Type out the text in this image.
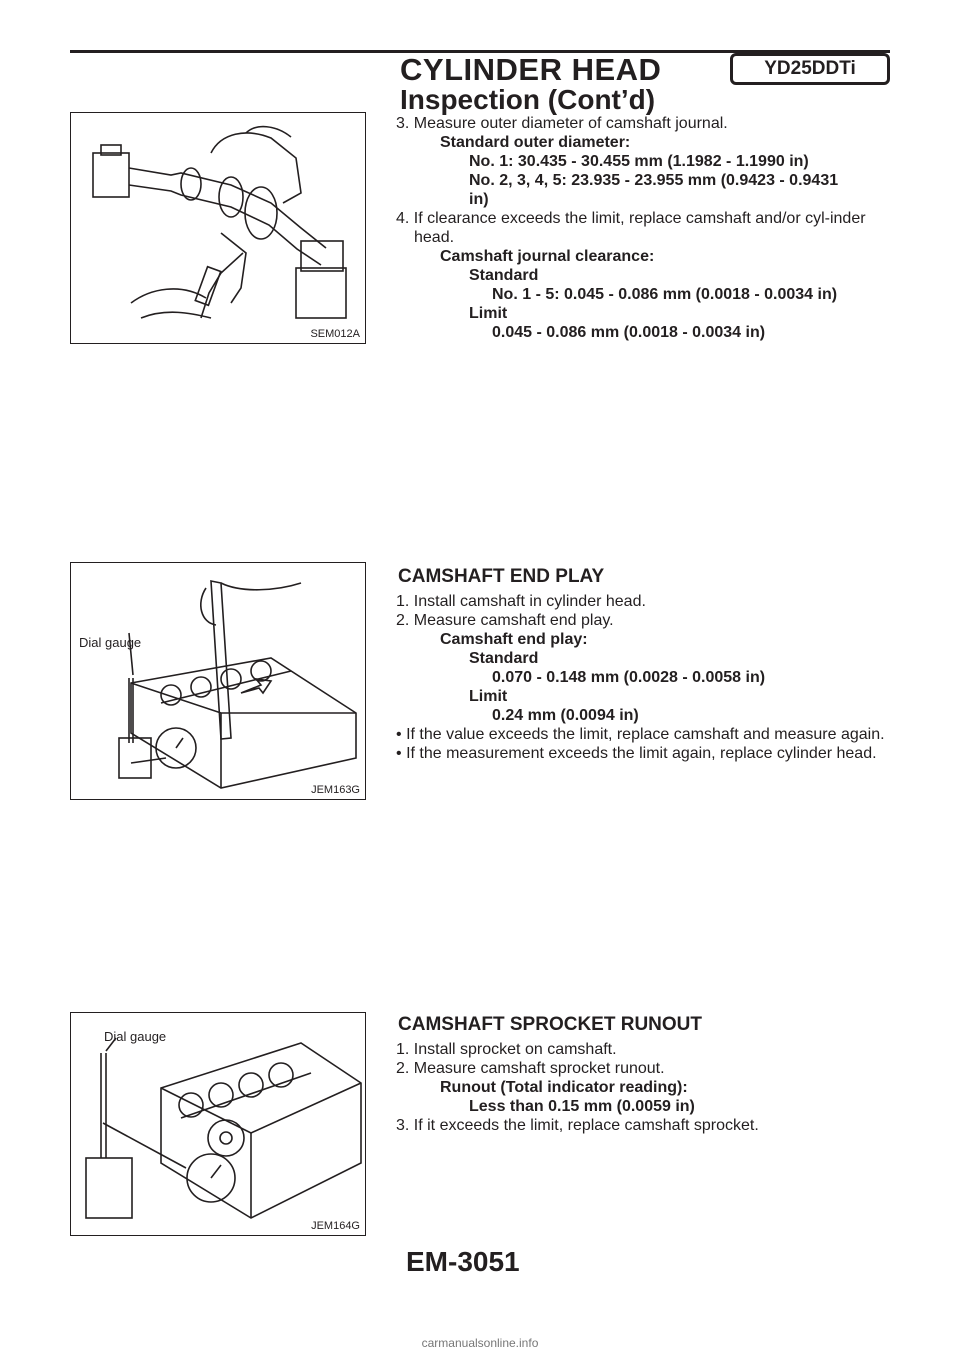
CYLINDER HEAD	YD25DDTi
Inspection (Cont’d)
SEM012A
3. Measure outer diameter of camshaft journal.
Standard outer diameter:
No. 1: 30.435 - 30.455 mm (1.1982 - 1.1990 in)
No. 2, 3, 4, 5: 23.935 - 23.955 mm (0.9423 - 0.9431
in)
4. If clearance exceeds the limit, replace camshaft and/or cyl-inder head.
Camshaft journal clearance:
Standard
No. 1 - 5: 0.045 - 0.086 mm (0.0018 - 0.0034 in)
Limit
0.045 - 0.086 mm (0.0018 - 0.0034 in)
Dial gauge
JEM163G
CAMSHAFT END PLAY
1. Install camshaft in cylinder head.
2. Measure camshaft end play.
Camshaft end play:
Standard
0.070 - 0.148 mm (0.0028 - 0.0058 in)
Limit
0.24 mm (0.0094 in)
• If the value exceeds the limit, replace camshaft and measure again.
• If the measurement exceeds the limit again, replace cylinder head.
Dial gauge
JEM164G
CAMSHAFT SPROCKET RUNOUT
1. Install sprocket on camshaft.
2. Measure camshaft sprocket runout.
Runout (Total indicator reading):
Less than 0.15 mm (0.0059 in)
3. If it exceeds the limit, replace camshaft sprocket.
EM-3051
carmanualsonline.info
